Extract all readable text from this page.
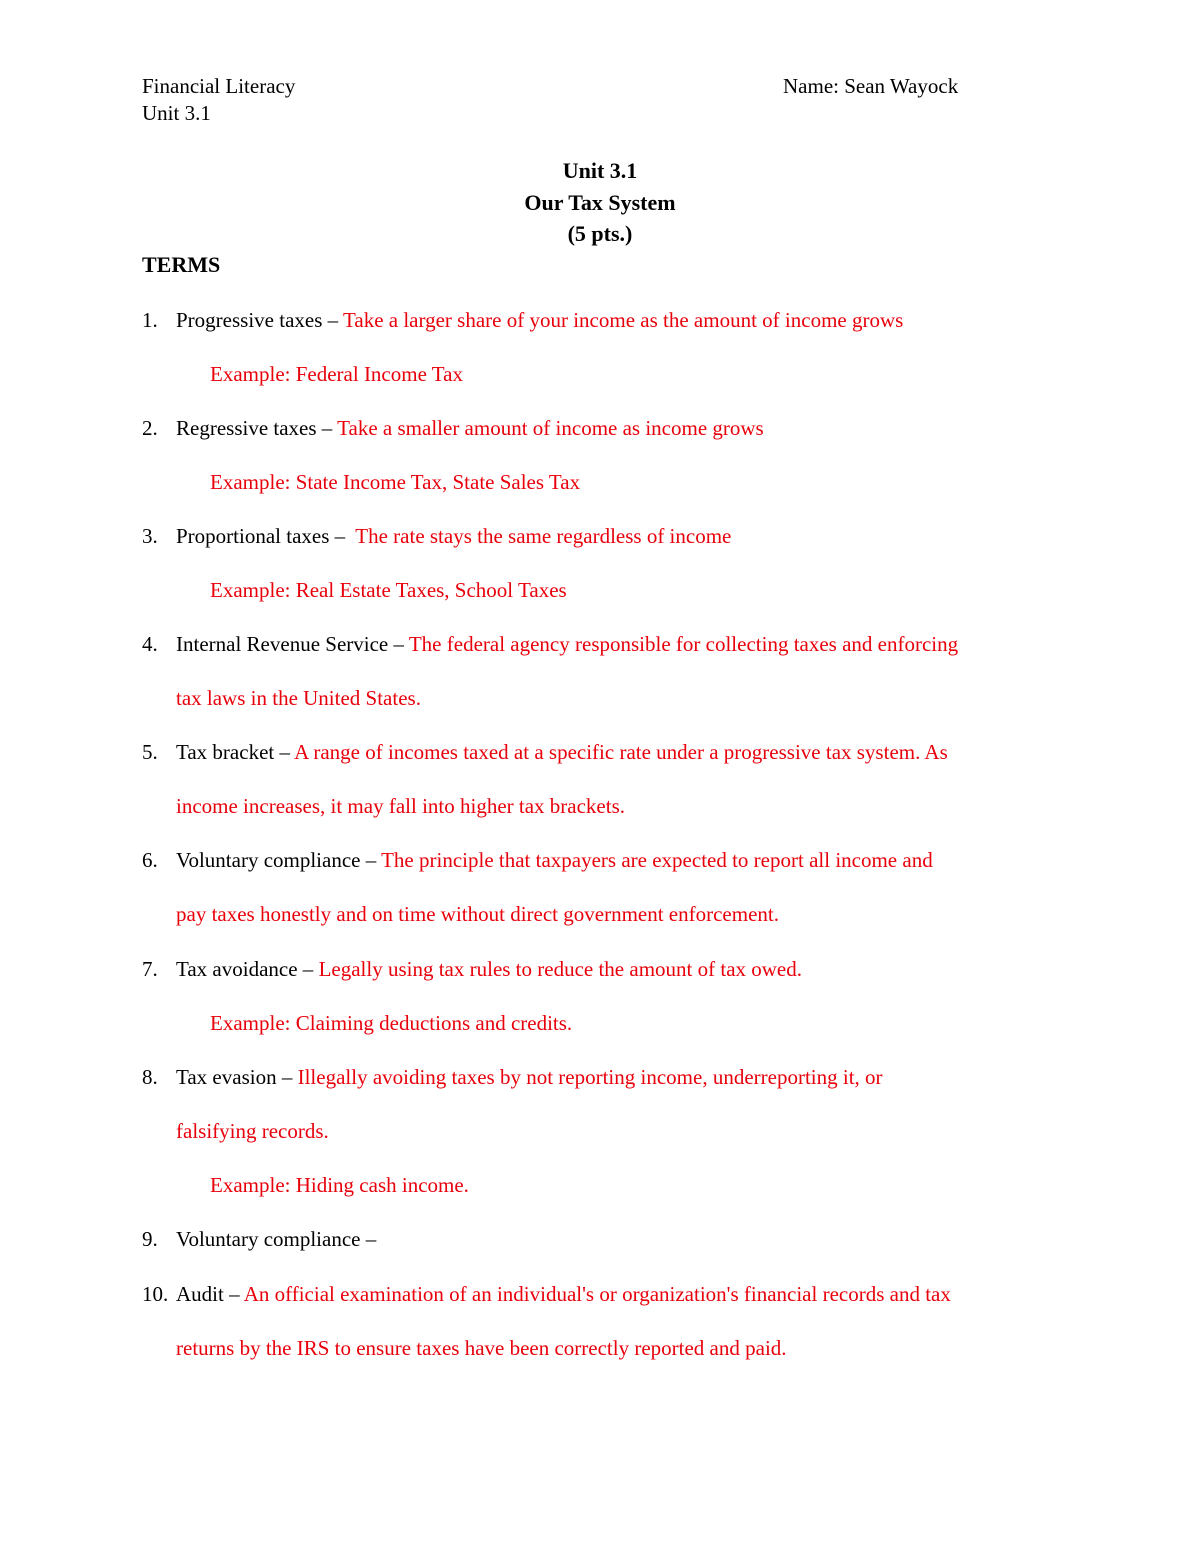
Financial Literacy
Unit 3.1
Name: Sean Wayock
Unit 3.1
Our Tax System
(5 pts.)
TERMS
1. Progressive taxes – Take a larger share of your income as the amount of income grows
Example: Federal Income Tax
2. Regressive taxes – Take a smaller amount of income as income grows
Example: State Income Tax, State Sales Tax
3. Proportional taxes –  The rate stays the same regardless of income
Example: Real Estate Taxes, School Taxes
4. Internal Revenue Service – The federal agency responsible for collecting taxes and enforcing
tax laws in the United States.
5. Tax bracket – A range of incomes taxed at a specific rate under a progressive tax system. As
income increases, it may fall into higher tax brackets.
6. Voluntary compliance – The principle that taxpayers are expected to report all income and
pay taxes honestly and on time without direct government enforcement.
7. Tax avoidance – Legally using tax rules to reduce the amount of tax owed.
Example: Claiming deductions and credits.
8. Tax evasion – Illegally avoiding taxes by not reporting income, underreporting it, or
falsifying records.
Example: Hiding cash income.
9. Voluntary compliance –
10. Audit – An official examination of an individual's or organization's financial records and tax
returns by the IRS to ensure taxes have been correctly reported and paid.
